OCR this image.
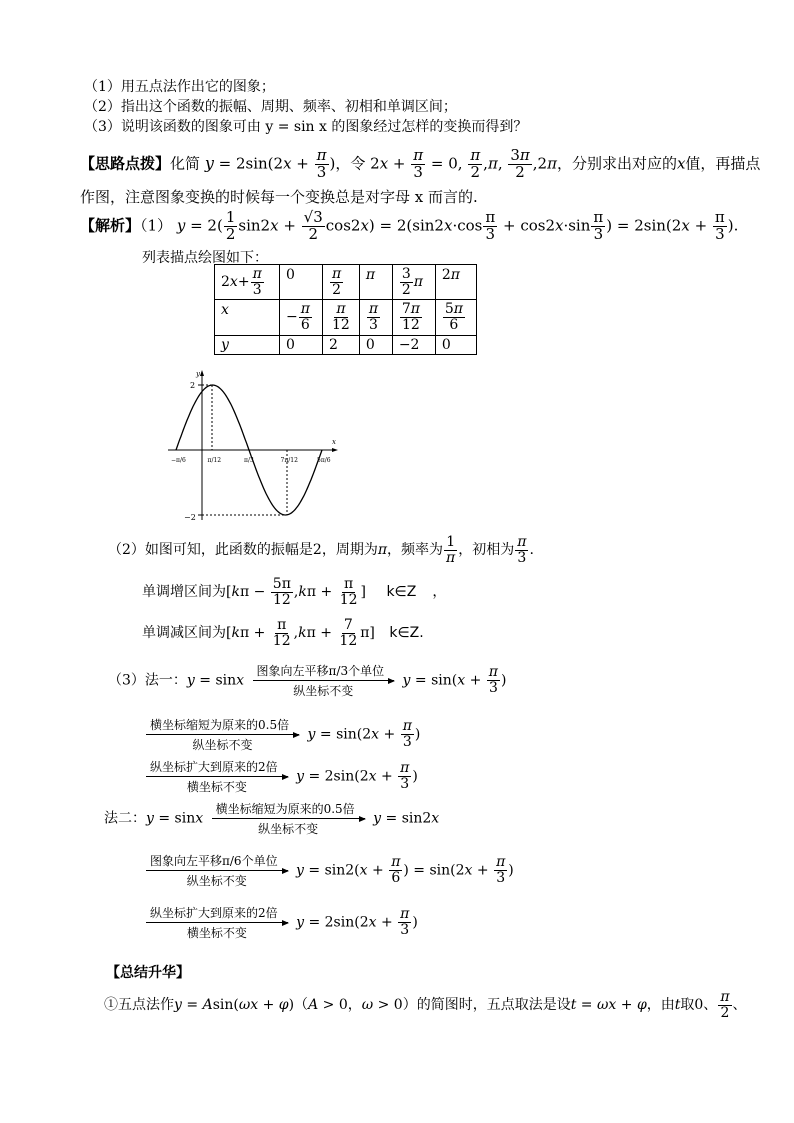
（1）用五点法作出它的图象；
（2）指出这个函数的振幅、周期、频率、初相和单调区间；
（3）说明该函数的图象可由 y = sin x 的图象经过怎样的变换而得到？
【思路点拨】化简 $y = 2\sin(2x + \frac{\pi}{3}$ )，令 $2x + \frac{\pi}{3} = 0$, $\frac{\pi}{2} ,\pi$, $\frac{3\pi}{2} ,2\pi$，分别求出对应的x值，再描点
作图，注意图象变换的时候每一个变换总是对字母 x 而言的.
【解析】（1） $y = 2( \frac{1}{2} \sin 2x + \frac{√3}{2} \cos 2x) = 2(\sin 2x\cdot\cos \frac{\pi}{3} + \cos 2x\cdot\sin \frac{\pi}{3}$ ) = $2\sin(2x + \frac{\pi}{3}$ ).
列表描点绘图如下：
$2x+ \frac{\pi}{3}$	0	$\frac{\pi}{2}$	π	$\frac{3}{2}$ π	2π
x	− $\frac{\pi}{6}$	$\frac{\pi}{12}$	$\frac{\pi}{3}$	$\frac{7\pi}{12}$	$\frac{5\pi}{6}$

y	0	2	0	−2	0
y
x
2
−2
−π/6	π/12	π/3	7π/12	5π/6
（2）如图可知，此函数的振幅是2，周期为π，频率为 $\frac{1}{\pi}$ ，初相为 $\frac{\pi}{3}$ .
单调增区间为[$k\pi - \frac{5\pi}{12} ,k\pi + \frac{\pi}{12}$ ] k∈Z ，
单调减区间为$[k\pi + \frac{\pi}{12} ,k\pi + \frac{7}{12} \pi]$ k∈Z.
（3）法一：y = sinx
图象向左平移π/3个单位
纵坐标不变
$y = \sin(x + \frac{\pi}{3}$ )
横坐标缩短为原来的0.5倍
纵坐标不变
$y = \sin(2x + \frac{\pi}{3}$ )
纵坐标扩大到原来的2倍
横坐标不变
$y = 2\sin(2x + \frac{\pi}{3}$ )
法二：y = sinx
横坐标缩短为原来的0.5倍
纵坐标不变
y = sin2x
图象向左平移π/6个单位
纵坐标不变
$y = \sin 2(x + \frac{\pi}{6}$ ) = $\sin(2x + \frac{\pi}{3}$ )
纵坐标扩大到原来的2倍
横坐标不变
$y = 2\sin(2x + \frac{\pi}{3}$ )
【总结升华】
①五点法作y = Asin(ωx + φ)（A > 0，ω > 0）的简图时，五点取法是设t = ωx + φ，由t取0、 $\frac{\pi}{2}$ 、
